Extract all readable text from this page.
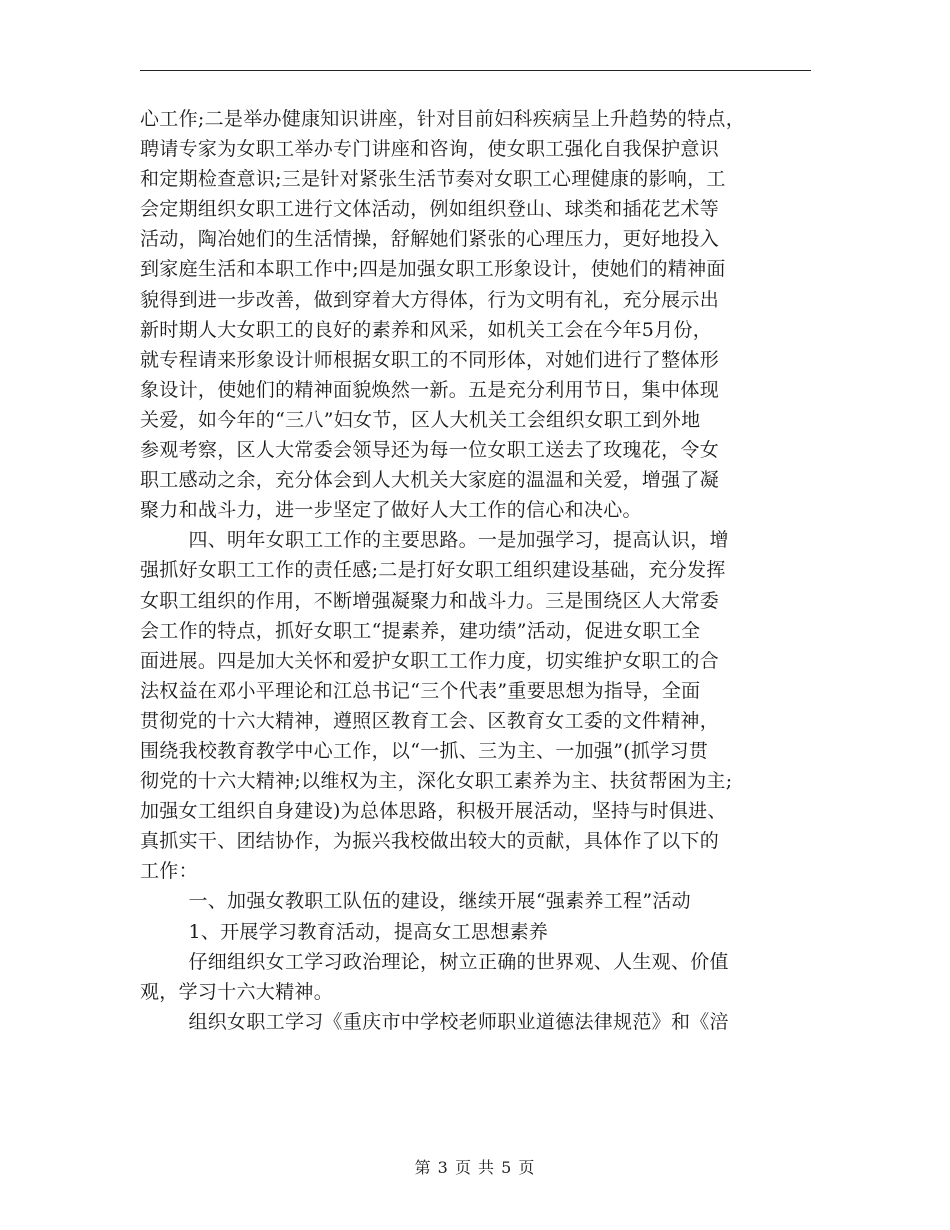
心工作;二是举办健康知识讲座，针对目前妇科疾病呈上升趋势的特点，
聘请专家为女职工举办专门讲座和咨询，使女职工强化自我保护意识
和定期检查意识;三是针对紧张生活节奏对女职工心理健康的影响，工
会定期组织女职工进行文体活动，例如组织登山、球类和插花艺术等
活动，陶冶她们的生活情操，舒解她们紧张的心理压力，更好地投入
到家庭生活和本职工作中;四是加强女职工形象设计，使她们的精神面
貌得到进一步改善，做到穿着大方得体，行为文明有礼，充分展示出
新时期人大女职工的良好的素养和风采，如机关工会在今年5月份，
就专程请来形象设计师根据女职工的不同形体，对她们进行了整体形
象设计，使她们的精神面貌焕然一新。五是充分利用节日，集中体现
关爱，如今年的“三八”妇女节，区人大机关工会组织女职工到外地
参观考察，区人大常委会领导还为每一位女职工送去了玫瑰花，令女
职工感动之余，充分体会到人大机关大家庭的温温和关爱，增强了凝
聚力和战斗力，进一步坚定了做好人大工作的信心和决心。
四、明年女职工工作的主要思路。一是加强学习，提高认识，增
强抓好女职工工作的责任感;二是打好女职工组织建设基础，充分发挥
女职工组织的作用，不断增强凝聚力和战斗力。三是围绕区人大常委
会工作的特点，抓好女职工“提素养，建功绩”活动，促进女职工全
面进展。四是加大关怀和爱护女职工工作力度，切实维护女职工的合
法权益在邓小平理论和江总书记“三个代表”重要思想为指导，全面
贯彻党的十六大精神，遵照区教育工会、区教育女工委的文件精神，
围绕我校教育教学中心工作，以“一抓、三为主、一加强”(抓学习贯
彻党的十六大精神;以维权为主，深化女职工素养为主、扶贫帮困为主;
加强女工组织自身建设)为总体思路，积极开展活动，坚持与时俱进、
真抓实干、团结协作，为振兴我校做出较大的贡献，具体作了以下的
工作：
一、加强女教职工队伍的建设，继续开展“强素养工程”活动
1、开展学习教育活动，提高女工思想素养
仔细组织女工学习政治理论，树立正确的世界观、人生观、价值
观，学习十六大精神。
组织女职工学习《重庆市中学校老师职业道德法律规范》和《涪
第 3 页 共 5 页
